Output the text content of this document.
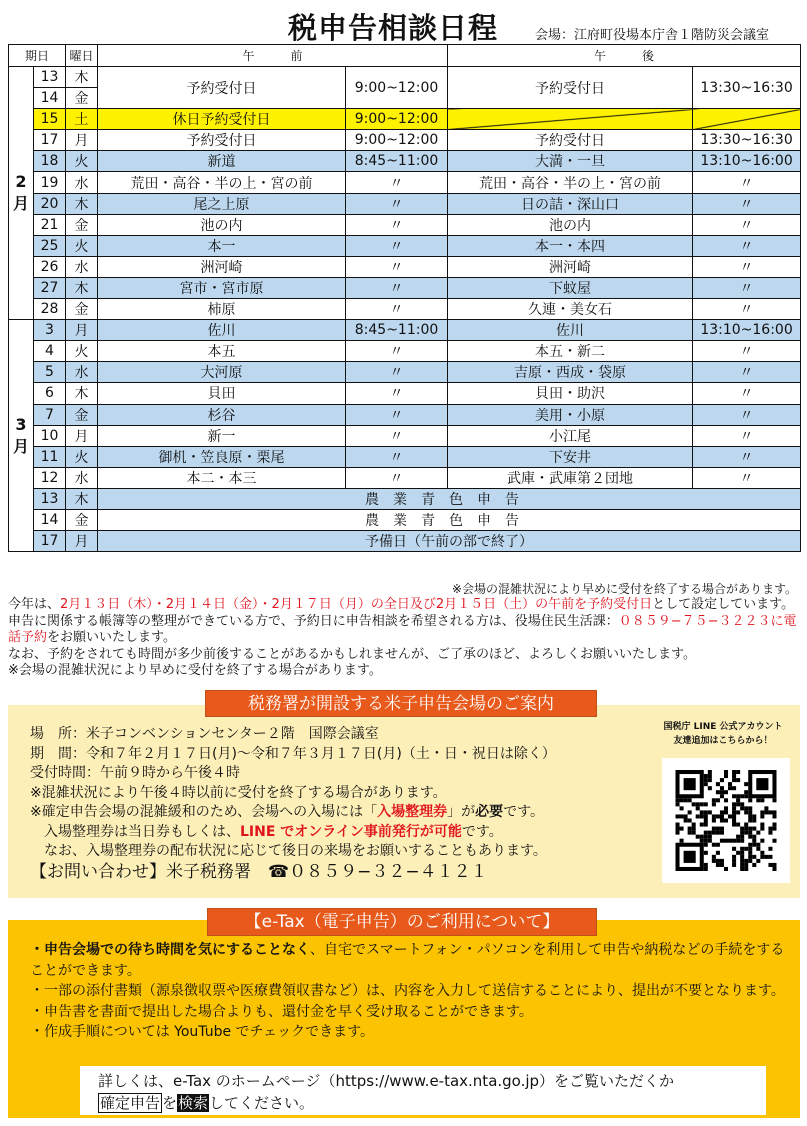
税申告相談日程	会場：江府町役場本庁舎１階防災会議室
期日		曜日	午　　　前		午　　　後	
2
月	13	木	予約受付日	9:00~12:00	予約受付日	13:30~16:30
	14	金				
	15	土	休日予約受付日	9:00~12:00		
	17	月	予約受付日	9:00~12:00	予約受付日	13:30~16:30
	18	火	新道	8:45~11:00	大満・一旦	13:10~16:00
	19	水	荒田・高谷・半の上・宮の前	〃	荒田・高谷・半の上・宮の前	〃
	20	木	尾之上原	〃	日の詰・深山口	〃
	21	金	池の内	〃	池の内	〃
	25	火	本一	〃	本一・本四	〃
	26	水	洲河崎	〃	洲河崎	〃
	27	木	宮市・宮市原	〃	下蚊屋	〃
	28	金	柿原	〃	久連・美女石	〃
3
月	3	月	佐川	8:45~11:00	佐川	13:10~16:00
	4	火	本五	〃	本五・新二	〃
	5	水	大河原	〃	吉原・西成・袋原	〃
	6	木	貝田	〃	貝田・助沢	〃
	7	金	杉谷	〃	美用・小原	〃
	10	月	新一	〃	小江尾	〃
	11	火	御机・笠良原・栗尾	〃	下安井	〃
	12	水	本二・本三	〃	武庫・武庫第２団地	〃
	13	木	農業青色申告			
	14	金	農業青色申告			
	17	月	予備日（午前の部で終了）			
※会場の混雑状況により早めに受付を終了する場合があります。
今年は、2月１３日（木）・2月１４日（金）・2月１７日（月）の全日及び2月１５日（土）の午前を予約受付日として設定しています。申告に関係する帳簿等の整理ができている方で、予約日に申告相談を希望される方は、役場住民生活課：０８５９−７５−３２２３に電話予約をお願いいたします。
なお、予約をされても時間が多少前後することがあるかもしれませんが、ご了承のほど、よろしくお願いいたします。
※会場の混雑状況により早めに受付を終了する場合があります。
税務署が開設する米子申告会場のご案内
場　所：米子コンベンションセンター２階　国際会議室
期　間：令和７年２月１７日(月)～令和７年３月１７日(月)（土・日・祝日は除く）
受付時間：午前９時から午後４時
※混雑状況により午後４時以前に受付を終了する場合があります。
※確定申告会場の混雑緩和のため、会場への入場には「入場整理券」が必要です。
　入場整理券は当日券もしくは、LINE でオンライン事前発行が可能です。
　なお、入場整理券の配布状況に応じて後日の来場をお願いすることもあります。
【お問い合わせ】米子税務署　☎０８５９−３２−４１２１
国税庁 LINE 公式アカウント
友達追加はこちらから！
【e-Tax（電子申告）のご利用について】
・申告会場での待ち時間を気にすることなく、自宅でスマートフォン・パソコンを利用して申告や納税などの手続をすることができます。
・一部の添付書類（源泉徴収票や医療費領収書など）は、内容を入力して送信することにより、提出が不要となります。
・申告書を書面で提出した場合よりも、還付金を早く受け取ることができます。
・作成手順については YouTube でチェックできます。
詳しくは、e-Tax のホームページ（https://www.e-tax.nta.go.jp）をご覧いただくか
確定申告 を検索してください。
